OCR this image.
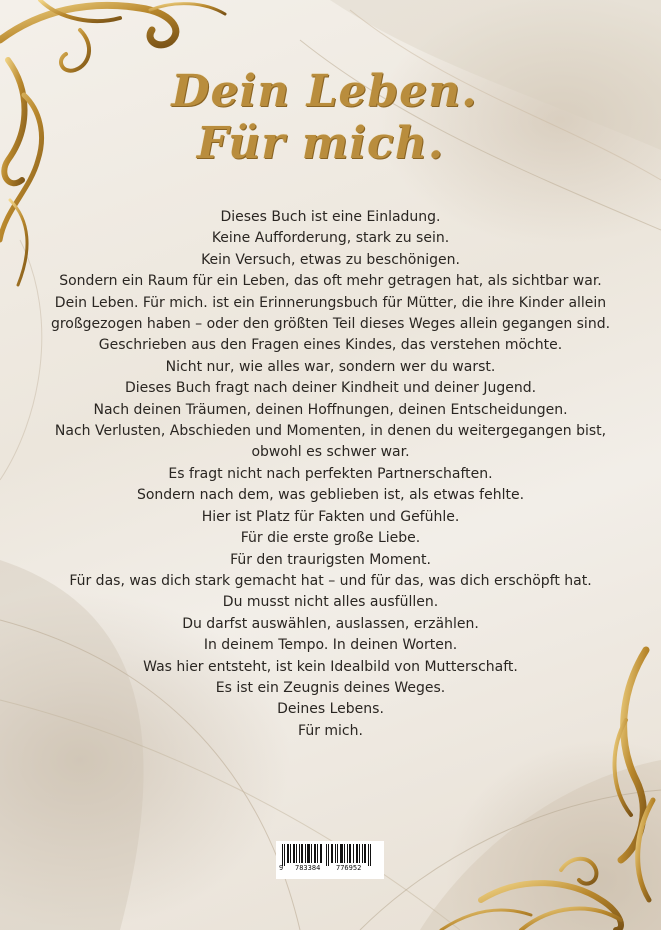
Dein Leben.
Für mich.
Dieses Buch ist eine Einladung.
Keine Aufforderung, stark zu sein.
Kein Versuch, etwas zu beschönigen.
Sondern ein Raum für ein Leben, das oft mehr getragen hat, als sichtbar war.
Dein Leben. Für mich. ist ein Erinnerungsbuch für Mütter, die ihre Kinder allein großgezogen haben – oder den größten Teil dieses Weges allein gegangen sind.
Geschrieben aus den Fragen eines Kindes, das verstehen möchte.
Nicht nur, wie alles war, sondern wer du warst.
Dieses Buch fragt nach deiner Kindheit und deiner Jugend.
Nach deinen Träumen, deinen Hoffnungen, deinen Entscheidungen.
Nach Verlusten, Abschieden und Momenten, in denen du weitergegangen bist, obwohl es schwer war.
Es fragt nicht nach perfekten Partnerschaften.
Sondern nach dem, was geblieben ist, als etwas fehlte.
Hier ist Platz für Fakten und Gefühle.
Für die erste große Liebe.
Für den traurigsten Moment.
Für das, was dich stark gemacht hat – und für das, was dich erschöpft hat.
Du musst nicht alles ausfüllen.
Du darfst auswählen, auslassen, erzählen.
In deinem Tempo. In deinen Worten.
Was hier entsteht, ist kein Idealbild von Mutterschaft.
Es ist ein Zeugnis deines Weges.
Deines Lebens.
Für mich.
9 783384 776952
